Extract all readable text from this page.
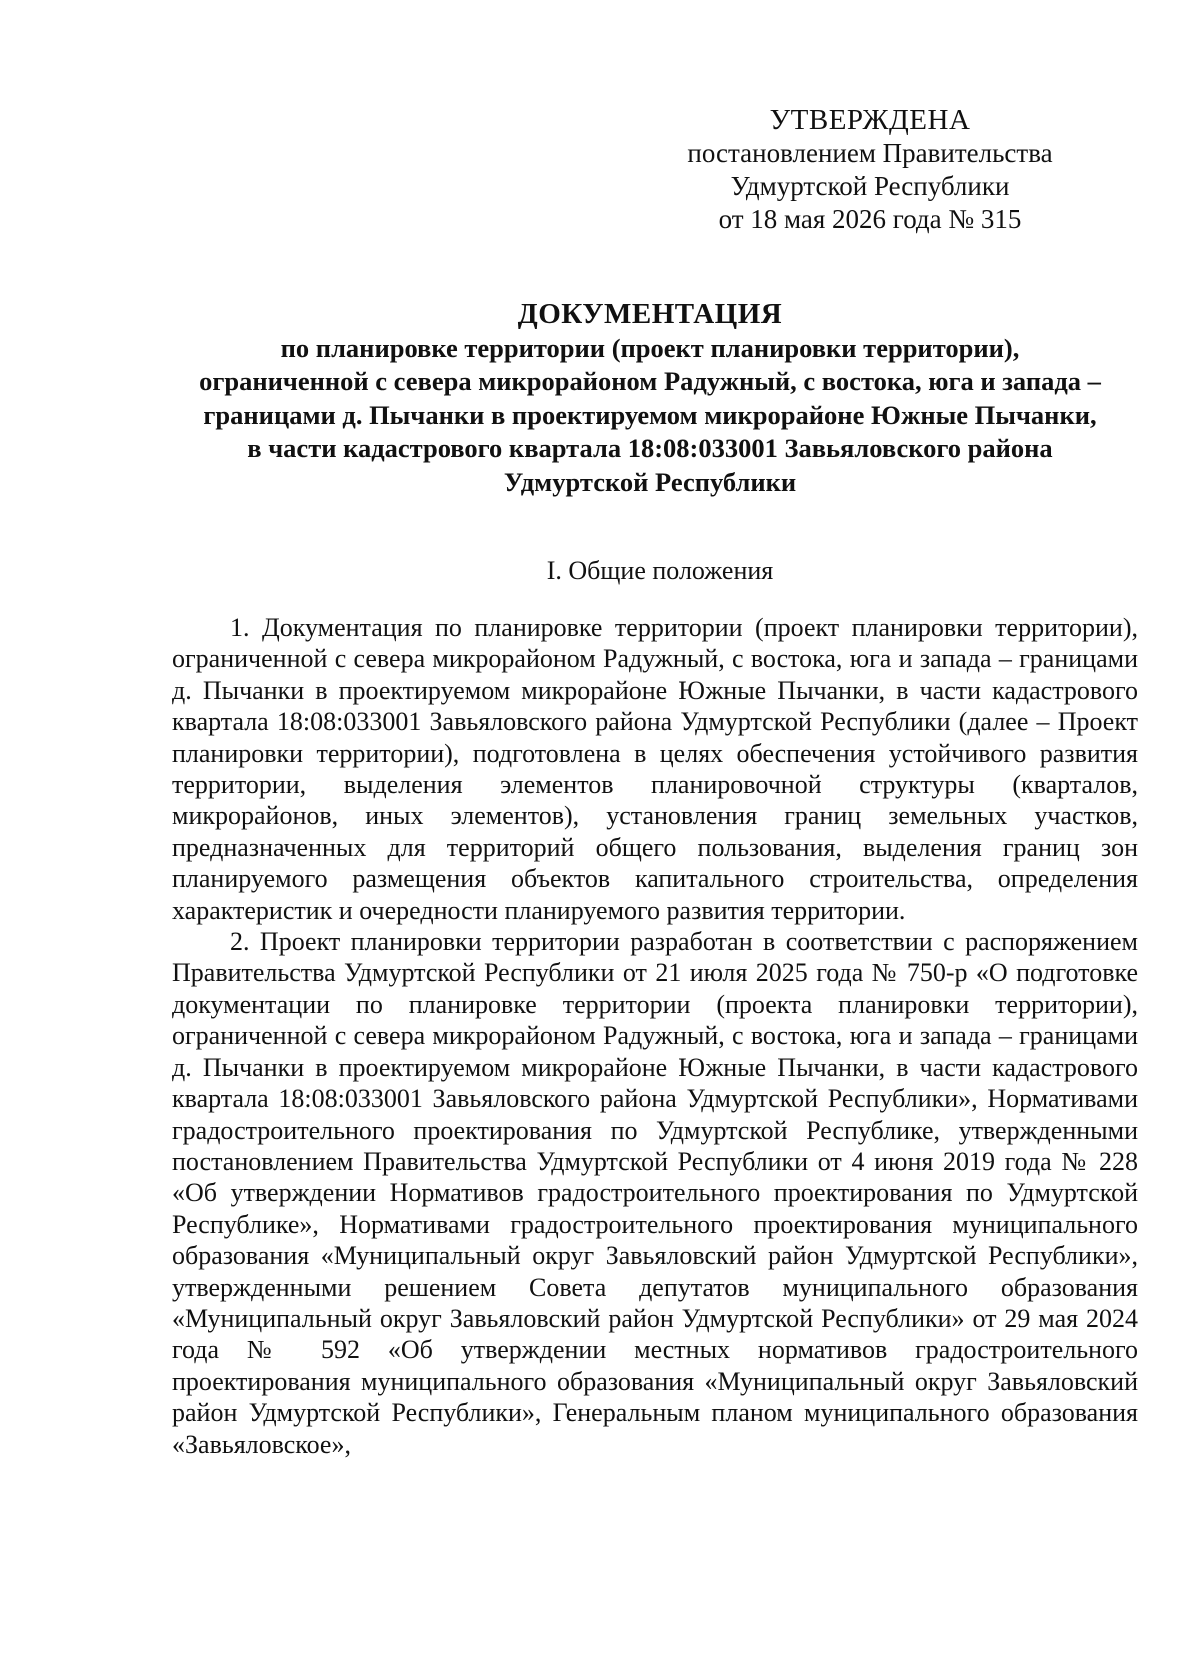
УТВЕРЖДЕНА
постановлением Правительства
Удмуртской Республики
от 18 мая 2026 года № 315
ДОКУМЕНТАЦИЯ
по планировке территории (проект планировки территории),
ограниченной с севера микрорайоном Радужный, с востока, юга и запада –
границами д. Пычанки в проектируемом микрорайоне Южные Пычанки,
в части кадастрового квартала 18:08:033001 Завьяловского района
Удмуртской Республики
I. Общие положения

1. Документация по планировке территории (проект планировки территории), ограниченной с севера микрорайоном Радужный, с востока, юга и запада – границами д. Пычанки в проектируемом микрорайоне Южные Пычанки, в части кадастрового квартала 18:08:033001 Завьяловского района Удмуртской Республики (далее – Проект планировки территории), подготовлена в целях обеспечения устойчивого развития территории, выделения элементов планировочной структуры (кварталов, микрорайонов, иных элементов), установления границ земельных участков, предназначенных для территорий общего пользования, выделения границ зон планируемого размещения объектов капитального строительства, определения характеристик и очередности планируемого развития территории.

2. Проект планировки территории разработан в соответствии с распоряжением Правительства Удмуртской Республики от 21 июля 2025 года № 750-р «О подготовке документации по планировке территории (проекта планировки территории), ограниченной с севера микрорайоном Радужный, с востока, юга и запада – границами д. Пычанки в проектируемом микрорайоне Южные Пычанки, в части кадастрового квартала 18:08:033001 Завьяловского района Удмуртской Республики», Нормативами градостроительного проектирования по Удмуртской Республике, утвержденными постановлением Правительства Удмуртской Республики от 4 июня 2019 года № 228 «Об утверждении Нормативов градостроительного проектирования по Удмуртской Республике», Нормативами градостроительного проектирования муниципального образования «Муниципальный округ Завьяловский район Удмуртской Республики», утвержденными решением Совета депутатов муниципального образования «Муниципальный округ Завьяловский район Удмуртской Республики» от 29 мая 2024 года № 592 «Об утверждении местных нормативов градостроительного проектирования муниципального образования «Муниципальный округ Завьяловский район Удмуртской Республики», Генеральным планом муниципального образования «Завьяловское»,
